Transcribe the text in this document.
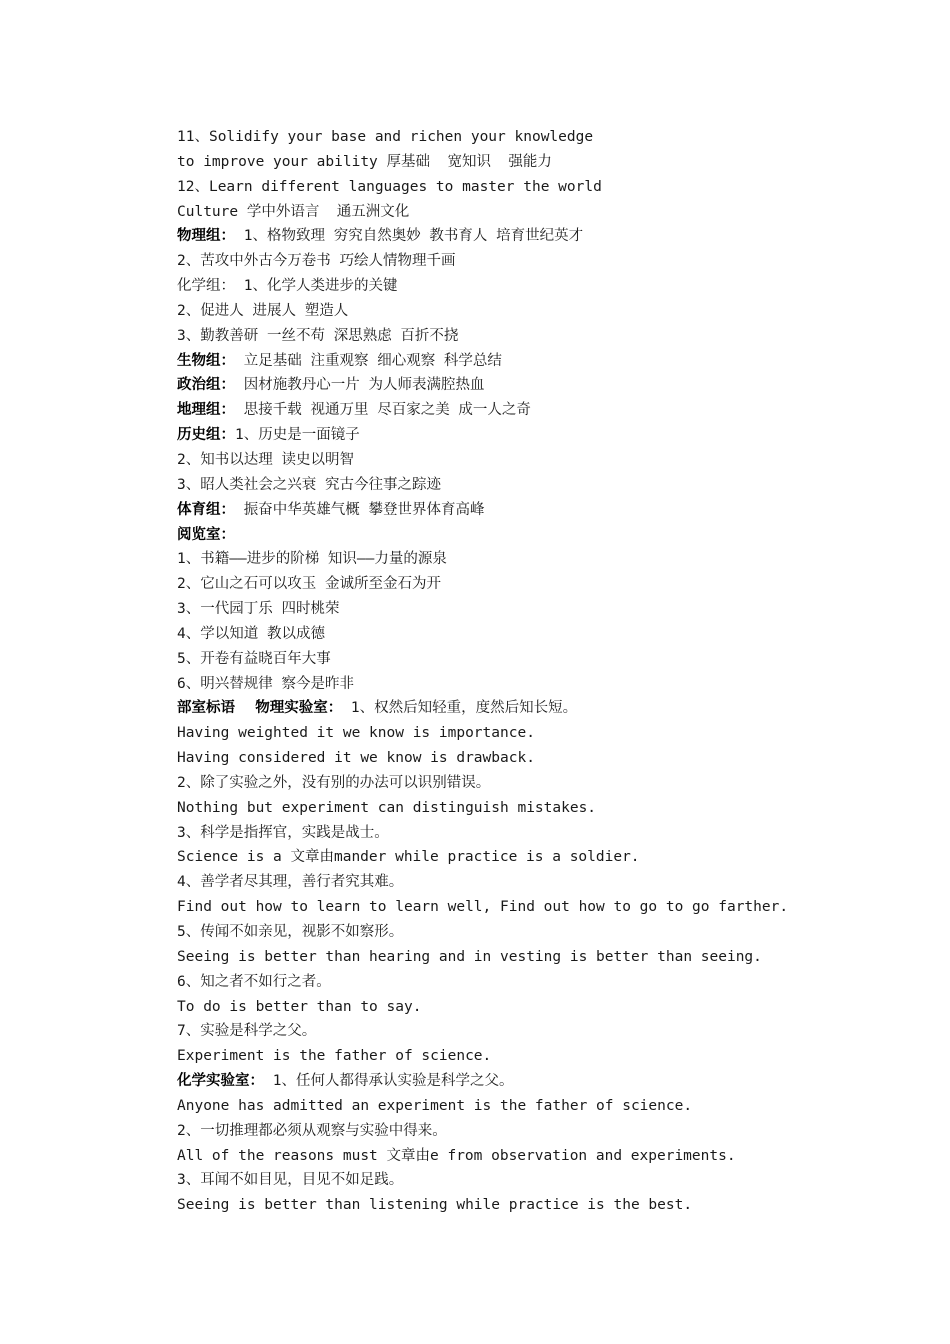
11、Solidify your base and richen your knowledge
to improve your ability 厚基础  宽知识  强能力
12、Learn different languages to master the world
Culture 学中外语言  通五洲文化
物理组： 1、格物致理 穷究自然奥妙 教书育人 培育世纪英才
2、苦攻中外古今万卷书 巧绘人情物理千画
化学组： 1、化学人类进步的关键
2、促进人 进展人 塑造人
3、勤教善研 一丝不苟 深思熟虑 百折不挠
生物组： 立足基础 注重观察 细心观察 科学总结
政治组： 因材施教丹心一片 为人师表满腔热血
地理组： 思接千载 视通万里 尽百家之美 成一人之奇
历史组：1、历史是一面镜子
2、知书以达理 读史以明智
3、昭人类社会之兴衰 究古今往事之踪迹
体育组： 振奋中华英雄气概 攀登世界体育高峰
阅览室：
1、书籍——进步的阶梯 知识——力量的源泉
2、它山之石可以攻玉 金诚所至金石为开
3、一代园丁乐 四时桃荣
4、学以知道 教以成德
5、开卷有益晓百年大事
6、明兴替规律 察今是昨非
部室标语    物理实验室： 1、权然后知轻重，度然后知长短。
Having weighted it we know is importance.
Having considered it we know is drawback.
2、除了实验之外，没有别的办法可以识别错误。
Nothing but experiment can distinguish mistakes.
3、科学是指挥官，实践是战士。
Science is a 文章由mander while practice is a soldier.
4、善学者尽其理，善行者究其难。
Find out how to learn to learn well, Find out how to go to go farther.
5、传闻不如亲见，视影不如察形。
Seeing is better than hearing and in vesting is better than seeing.
6、知之者不如行之者。
To do is better than to say.
7、实验是科学之父。
Experiment is the father of science.
化学实验室： 1、任何人都得承认实验是科学之父。
Anyone has admitted an experiment is the father of science.
2、一切推理都必须从观察与实验中得来。
All of the reasons must 文章由e from observation and experiments.
3、耳闻不如目见，目见不如足践。
Seeing is better than listening while practice is the best.
